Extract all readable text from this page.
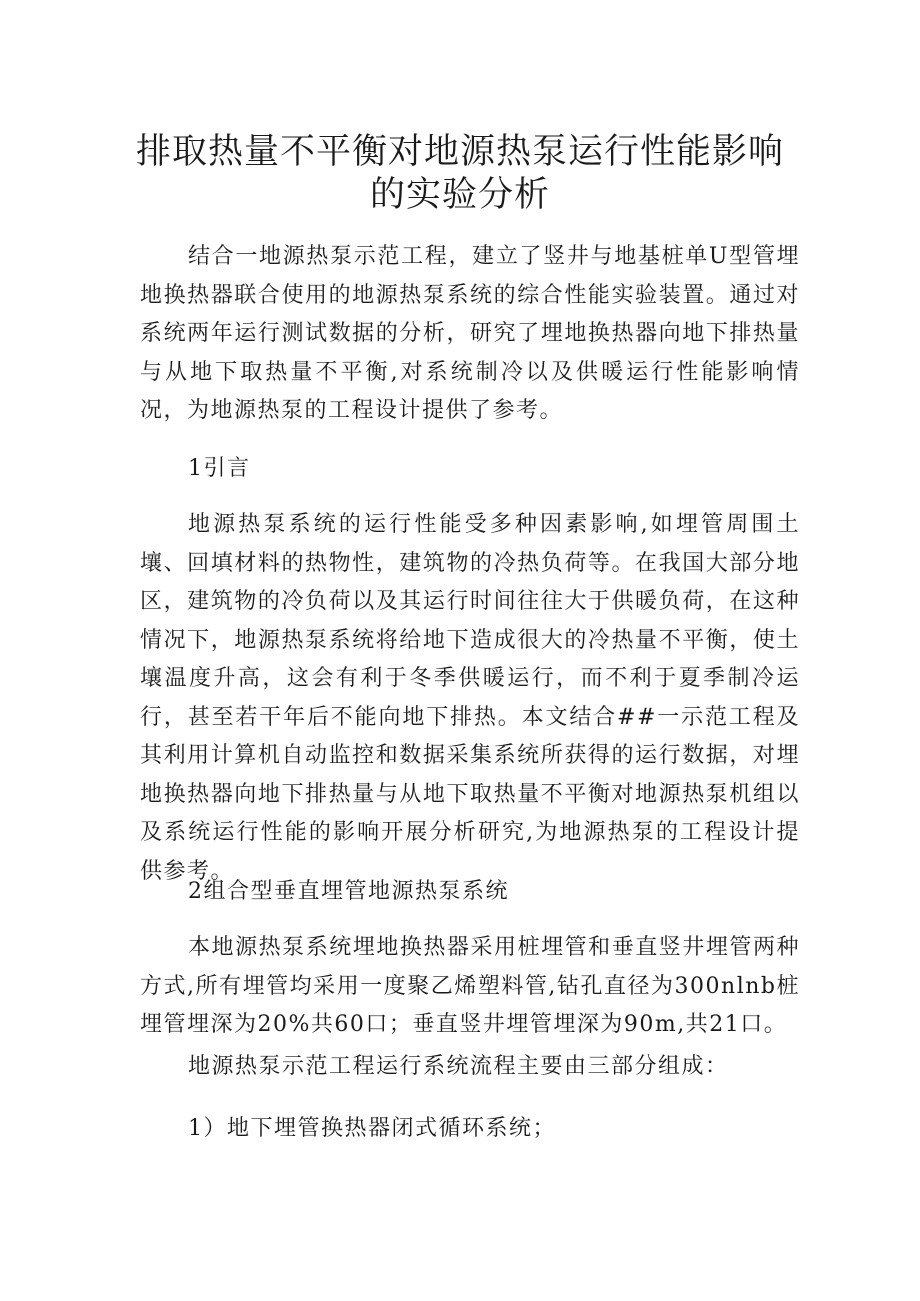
排取热量不平衡对地源热泵运行性能影响
的实验分析

结合一地源热泵示范工程，建立了竖井与地基桩单U型管埋地换热器联合使用的地源热泵系统的综合性能实验装置。通过对系统两年运行测试数据的分析，研究了埋地换热器向地下排热量与从地下取热量不平衡,对系统制冷以及供暖运行性能影响情况，为地源热泵的工程设计提供了参考。

1引言

地源热泵系统的运行性能受多种因素影响,如埋管周围土壤、回填材料的热物性，建筑物的冷热负荷等。在我国大部分地区，建筑物的冷负荷以及其运行时间往往大于供暖负荷，在这种情况下，地源热泵系统将给地下造成很大的冷热量不平衡，使土壤温度升高，这会有利于冬季供暖运行，而不利于夏季制冷运行，甚至若干年后不能向地下排热。本文结合##一示范工程及其利用计算机自动监控和数据采集系统所获得的运行数据，对埋地换热器向地下排热量与从地下取热量不平衡对地源热泵机组以及系统运行性能的影响开展分析研究,为地源热泵的工程设计提供参考。

2组合型垂直埋管地源热泵系统

本地源热泵系统埋地换热器采用桩埋管和垂直竖井埋管两种方式,所有埋管均采用一度聚乙烯塑料管,钻孔直径为300nlnb桩埋管埋深为20%共60口；垂直竖井埋管埋深为90m,共21口。

地源热泵示范工程运行系统流程主要由三部分组成：

1）地下埋管换热器闭式循环系统；
